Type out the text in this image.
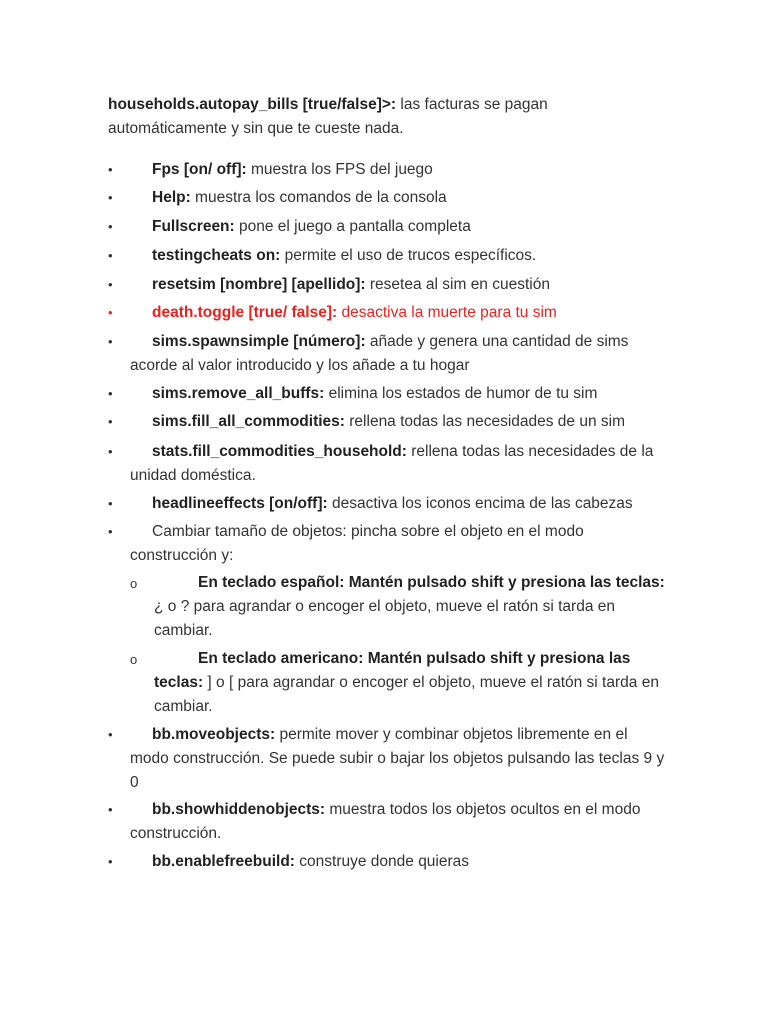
households.autopay_bills [true/false]>: las facturas se pagan automáticamente y sin que te cueste nada.

•	Fps [on/ off]: muestra los FPS del juego
•	Help: muestra los comandos de la consola
•	Fullscreen: pone el juego a pantalla completa
•	testingcheats on: permite el uso de trucos específicos.
•	resetsim [nombre] [apellido]: resetea al sim en cuestión
•	death.toggle [true/ false]: desactiva la muerte para tu sim
•	sims.spawnsimple [número]: añade y genera una cantidad de sims acorde al valor introducido y los añade a tu hogar
•	sims.remove_all_buffs: elimina los estados de humor de tu sim
•	sims.fill_all_commodities: rellena todas las necesidades de un sim
•	stats.fill_commodities_household: rellena todas las necesidades de la unidad doméstica.
•	headlineeffects [on/off]: desactiva los iconos encima de las cabezas
•	Cambiar tamaño de objetos: pincha sobre el objeto en el modo construcción y:
o	En teclado español: Mantén pulsado shift y presiona las teclas: ¿ o ? para agrandar o encoger el objeto, mueve el ratón si tarda en cambiar.
o	En teclado americano: Mantén pulsado shift y presiona las teclas: ] o [ para agrandar o encoger el objeto, mueve el ratón si tarda en cambiar.
•	bb.moveobjects: permite mover y combinar objetos libremente en el modo construcción. Se puede subir o bajar los objetos pulsando las teclas 9 y 0
•	bb.showhiddenobjects: muestra todos los objetos ocultos en el modo construcción.
•	bb.enablefreebuild: construye donde quieras
